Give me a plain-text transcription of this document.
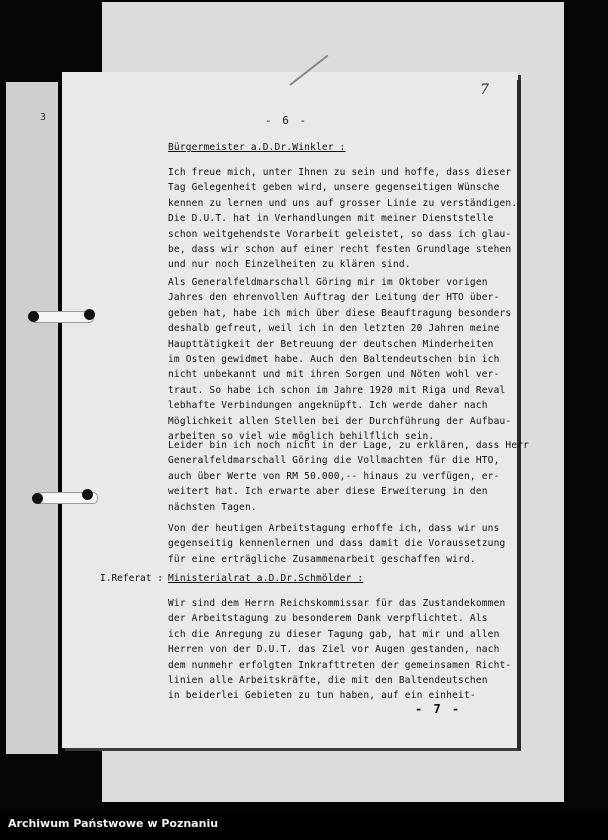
7
3	- 6 -
Bürgermeister a.D.Dr.Winkler :
Ich freue mich, unter Ihnen zu sein und hoffe, dass dieser
Tag Gelegenheit geben wird, unsere gegenseitigen Wünsche
kennen zu lernen und uns auf grosser Linie zu verständigen.
Die D.U.T. hat in Verhandlungen mit meiner Dienststelle
schon weitgehendste Vorarbeit geleistet, so dass ich glau-
be, dass wir schon auf einer recht festen Grundlage stehen
und nur noch Einzelheiten zu klären sind.
Als Generalfeldmarschall Göring mir im Oktober vorigen
Jahres den ehrenvollen Auftrag der Leitung der HTO über-
geben hat, habe ich mich über diese Beauftragung besonders
deshalb gefreut, weil ich in den letzten 20 Jahren meine
Haupttätigkeit der Betreuung der deutschen Minderheiten
im Osten gewidmet habe. Auch den Baltendeutschen bin ich
nicht unbekannt und mit ihren Sorgen und Nöten wohl ver-
traut. So habe ich schon im Jahre 1920 mit Riga und Reval
lebhafte Verbindungen angeknüpft. Ich werde daher nach
Möglichkeit allen Stellen bei der Durchführung der Aufbau-
arbeiten so viel wie möglich behilflich sein.
Leider bin ich noch nicht in der Lage, zu erklären, dass Herr
Generalfeldmarschall Göring die Vollmachten für die HTO,
auch über Werte von RM 50.000,-- hinaus zu verfügen, er-
weitert hat. Ich erwarte aber diese Erweiterung in den
nächsten Tagen.
Von der heutigen Arbeitstagung erhoffe ich, dass wir uns
gegenseitig kennenlernen und dass damit die Voraussetzung
für eine erträgliche Zusammenarbeit geschaffen wird.
I.Referat : Ministerialrat a.D.Dr.Schmölder :
Wir sind dem Herrn Reichskommissar für das Zustandekommen
der Arbeitstagung zu besonderem Dank verpflichtet. Als
ich die Anregung zu dieser Tagung gab, hat mir und allen
Herren von der D.U.T. das Ziel vor Augen gestanden, nach
dem nunmehr erfolgten Inkrafttreten der gemeinsamen Richt-
linien alle Arbeitskräfte, die mit den Baltendeutschen
in beiderlei Gebieten zu tun haben, auf ein einheit-
- 7 -
Archiwum Państwowe w Poznaniu
